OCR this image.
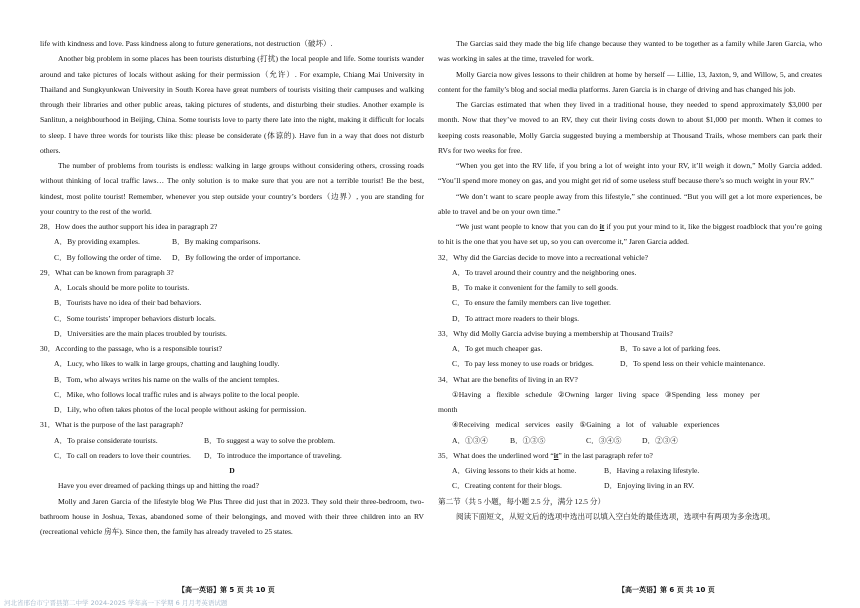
life with kindness and love. Pass kindness along to future generations, not destruction（破坏）.

Another big problem in some places has been tourists disturbing (打扰) the local people and life. Some tourists wander around and take pictures of locals without asking for their permission（允许）. For example, Chiang Mai University in Thailand and Sungkyunkwan University in South Korea have great numbers of tourists visiting their campuses and walking through their libraries and other public areas, taking pictures of students, and disturbing their studies. Another example is Sanlitun, a neighbourhood in Beijing, China. Some tourists love to party there late into the night, making it difficult for locals to sleep. I have three words for tourists like this: please be considerate (体谅的). Have fun in a way that does not disturb others.

The number of problems from tourists is endless: walking in large groups without considering others, crossing roads without thinking of local traffic laws… The only solution is to make sure that you are not a terrible tourist! Be the best, kindest, most polite tourist! Remember, whenever you step outside your country’s borders（边界）, you are standing for your country to the rest of the world.

28．How does the author support his idea in paragraph 2?

A．By providing examples.	B．By making comparisons.
C．By following the order of time.	D．By following the order of importance.

29．What can be known from paragraph 3?

A．Locals should be more polite to tourists.

B．Tourists have no idea of their bad behaviors.

C．Some tourists’ improper behaviors disturb locals.

D．Universities are the main places troubled by tourists.

30．According to the passage, who is a responsible tourist?

A．Lucy, who likes to walk in large groups, chatting and laughing loudly.

B．Tom, who always writes his name on the walls of the ancient temples.

C．Mike, who follows local traffic rules and is always polite to the local people.

D．Lily, who often takes photos of the local people without asking for permission.

31．What is the purpose of the last paragraph?

A．To praise considerate tourists.	B．To suggest a way to solve the problem.
C．To call on readers to love their countries.	D．To introduce the importance of traveling.

D

Have you ever dreamed of packing things up and hitting the road?

Molly and Jaren Garcia of the lifestyle blog We Plus Three did just that in 2023. They sold their three-bedroom, two-bathroom house in Joshua, Texas, abandoned some of their belongings, and moved with their three children into an RV (recreational vehicle 房车). Since then, the family has already traveled to 25 states.

The Garcias said they made the big life change because they wanted to be together as a family while Jaren Garcia, who was working in sales at the time, traveled for work.

Molly Garcia now gives lessons to their children at home by herself — Lillie, 13, Jaxton, 9, and Willow, 5, and creates content for the family’s blog and social media platforms. Jaren Garcia is in charge of driving and has changed his job.

The Garcias estimated that when they lived in a traditional house, they needed to spend approximately $3,000 per month. Now that they’ve moved to an RV, they cut their living costs down to about $1,000 per month. When it comes to keeping costs reasonable, Molly Garcia suggested buying a membership at Thousand Trails, whose members can park their RVs for two weeks for free.

“When you get into the RV life, if you bring a lot of weight into your RV, it’ll weigh it down,” Molly Garcia added. “You’ll spend more money on gas, and you might get rid of some useless stuff because there’s so much weight in your RV.”

“We don’t want to scare people away from this lifestyle,” she continued. “But you will get a lot more experiences, be able to travel and be on your own time.”

“We just want people to know that you can do it if you put your mind to it, like the biggest roadblock that you’re going to hit is the one that you have set up, so you can overcome it,” Jaren Garcia added.

32．Why did the Garcias decide to move into a recreational vehicle?

A．To travel around their country and the neighboring ones.

B．To make it convenient for the family to sell goods.

C．To ensure the family members can live together.

D．To attract more readers to their blogs.

33．Why did Molly Garcia advise buying a membership at Thousand Trails?

A．To get much cheaper gas.	B．To save a lot of parking fees.
C．To pay less money to use roads or bridges.	D．To spend less on their vehicle maintenance.

34．What are the benefits of living in an RV?

①Having a flexible schedule ②Owning larger living space ③Spending less money per

month

④Receiving medical services easily ⑤Gaining a lot of valuable experiences

A．①③④	B．①③⑤	C．③④⑤	D．②③④

35．What does the underlined word “it” in the last paragraph refer to?

A．Giving lessons to their kids at home.	B．Having a relaxing lifestyle.
C．Creating content for their blogs.	D．Enjoying living in an RV.

第二节（共 5 小题，每小题 2.5 分，满分 12.5 分）

阅读下面短文，从短文后的选项中选出可以填入空白处的最佳选项，选项中有两项为多余选项。

【高一英语】第 5 页 共 10 页	【高一英语】第 6 页 共 10 页
河北省邢台市宁晋县第二中学 2024-2025 学年高一下学期 6 月月考英语试题
